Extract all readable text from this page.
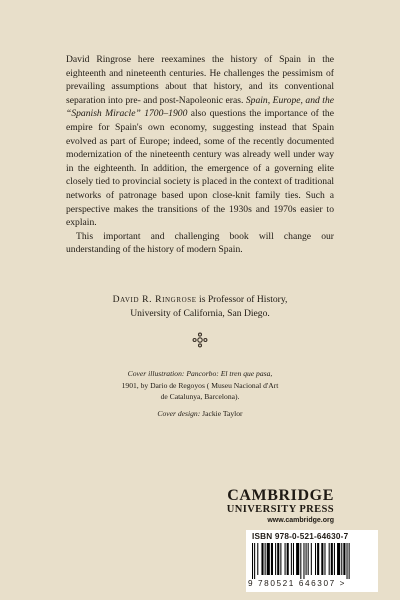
David Ringrose here reexamines the history of Spain in the eighteenth and nineteenth centuries. He challenges the pessimism of prevailing assumptions about that history, and its conventional separation into pre- and post-Napoleonic eras. Spain, Europe, and the “Spanish Miracle” 1700–1900 also questions the importance of the empire for Spain's own economy, suggesting instead that Spain evolved as part of Europe; indeed, some of the recently documented modernization of the nineteenth century was already well under way in the eighteenth. In addition, the emergence of a governing elite closely tied to provincial society is placed in the context of traditional networks of patronage based upon close-knit family ties. Such a perspective makes the transitions of the 1930s and 1970s easier to explain.

This important and challenging book will change our understanding of the history of modern Spain.

David R. Ringrose is Professor of History,
University of California, San Diego.
Cover illustration: Pancorbo: El tren que pasa,
1901, by Dario de Regoyos ( Museu Nacional d'Art
de Catalunya, Barcelona).
Cover design: Jackie Taylor
CAMBRIDGE
UNIVERSITY PRESS
www.cambridge.org
ISBN 978-0-521-64630-7
9 780521 646307 >
